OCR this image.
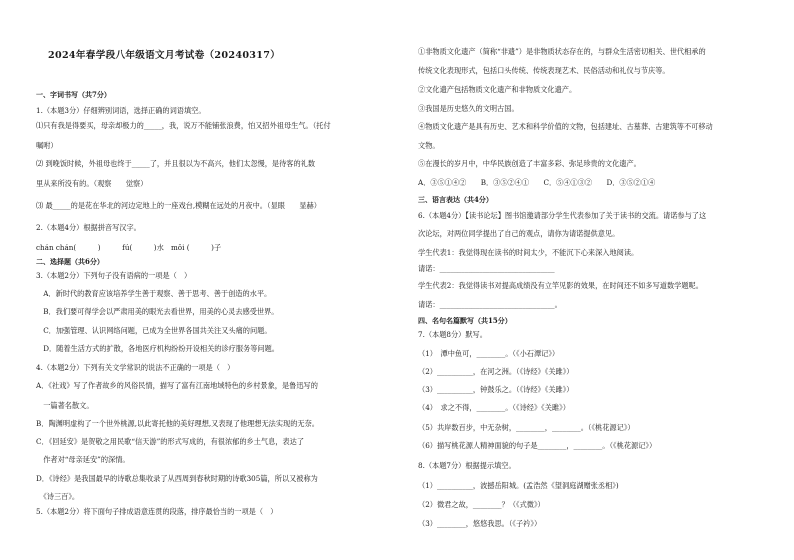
2024年春学段八年级语文月考试卷（20240317）
一、字词书写（共7分）
1.（本题3分）仔细辨别词语，选择正确的词语填空。
⑴只有我是得要买，母亲却极力的_____，我，说万不能铺张浪费，怕又招外祖母生气。（托付
嘱咐）
⑵ 到晚饭时候，外祖母也终于_____了，并且很以为不高兴，他们太忽慢，是待客的礼数
里从来所没有的。（观察　　觉察）
⑶ 最_____的是花在华北的河边定地上的一座戏台,模糊在远处的月夜中。（显眼　　显赫）
2.（本题4分）根据拼音写汉字。
chán chán(　　　)　　　fú(　　　)水　mǒi (　　　)子
二、选择题（共6分）
3.（本题2分）下列句子没有语病的一项是（　）
　A．新时代的教育应该培养学生善于观察、善于思考、善于创造的水平。
　B．我们要可得学会以严肃用美的眼光去看世界，用美的心灵去感受世界。
　C．加强管理、认识网络问题，已成为全世界各国共关注又头痛的问题。
　D．随着生活方式的扩散，各地医疗机构纷纷开设相关的诊疗服务等问题。
4.（本题2分）下列有关文学常识的说法不正确的一项是（　）
A．《社戏》写了作者故乡的风俗民情，描写了富有江南地域特色的乡村景象，是鲁迅写的
　一篇著名散文。
B．陶渊明虚构了一个世外桃源,以此寄托他的美好理想,又表现了他理想无法实现的无奈。
C．《回延安》是贺敬之用民歌“信天游”的形式写成的，有很浓郁的乡土气息，表达了
　作者对“母亲延安”的深情。
D．《诗经》是我国最早的诗歌总集收录了从西周到春秋时期的诗歌305篇，所以又被称为
　《诗三百》。
5.（本题2分）将下面句子排成语意连贯的段落，排序最恰当的一项是（　）
①非物质文化遗产（简称“非遗”）是非物质状态存在的，与群众生活密切相关、世代相承的
传统文化表现形式，包括口头传统、传统表现艺术、民俗活动和礼仪与节庆等。
②文化遗产包括物质文化遗产和非物质文化遗产。
③我国是历史悠久的文明古国。
④物质文化遗产是具有历史、艺术和科学价值的文物，包括建址、古墓葬、古建筑等不可移动
文物。
⑤在漫长的岁月中，中华民族创造了丰富多彩、弥足珍贵的文化遗产。
A．③⑤①④②　　B．③⑤②④①　　C．⑤④①③②　　D．③⑤②①④
三、语言表达（共4分）
6.（本题4分）【读书论坛】图书馆邀请部分学生代表参加了关于读书的交流。请诺参与了这
次论坛，对两位同学提出了自己的观点，请你为请诺提供意见。
学生代表1：我觉得现在读书的时间太少，不能沉下心来深入地阅读。
请诺：________________________________
学生代表2：我觉得读书对提高成绩没有立竿见影的效果，在时间还不如多写道数学题呢。
请诺：________________________________。
四、名句名篇默写（共15分）
7.（本题8分）默写。
（1）　潭中鱼可，________。（《小石潭记》）
（2）__________，在河之洲。（《诗经》《关雎》）
（3）__________，钟鼓乐之。（《诗经》《关雎》）
（4）　求之不得，________。（《诗经》《关雎》）
（5）共岸数百步，中无杂树，________，________。（《桃花源记》）
（6）描写桃花源人精神面貌的句子是________，________。（《桃花源记》）
8.（本题7分）根据提示填空。
（1）__________，波撼岳阳城。(孟浩然《望洞庭湖赠张丞相》)
（2）微君之故，________？（《式微》）
（3）________，悠悠我思。（《子衿》）
